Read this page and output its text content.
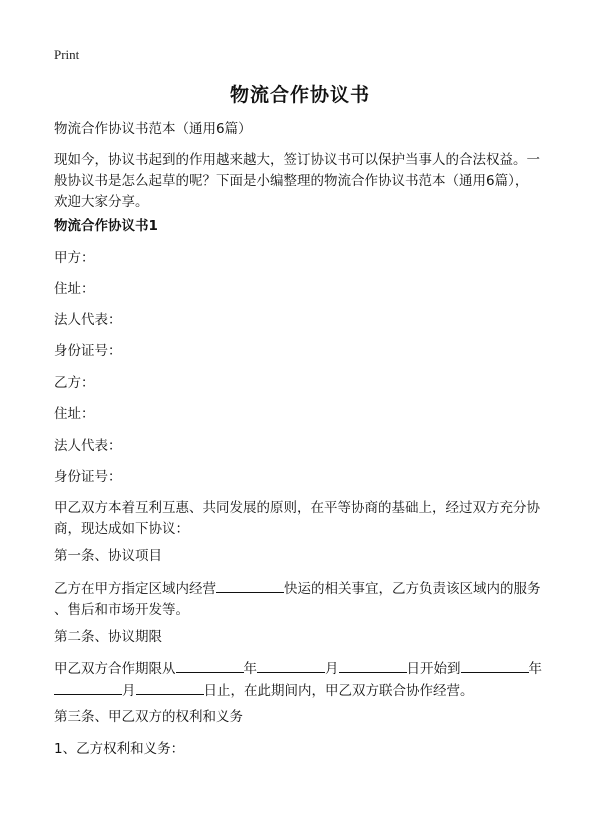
Print
物流合作协议书
物流合作协议书范本（通用6篇）
现如今，协议书起到的作用越来越大，签订协议书可以保护当事人的合法权益。一
般协议书是怎么起草的呢？下面是小编整理的物流合作协议书范本（通用6篇），
欢迎大家分享。
物流合作协议书1
甲方：
住址：
法人代表：
身份证号：
乙方：
住址：
法人代表：
身份证号：
甲乙双方本着互利互惠、共同发展的原则，在平等协商的基础上，经过双方充分协
商，现达成如下协议：
第一条、协议项目
乙方在甲方指定区域内经营	快运的相关事宜，乙方负责该区域内的服务
、售后和市场开发等。
第二条、协议期限
甲乙双方合作期限从	年	月	日开始到	年
月	日止，在此期间内，甲乙双方联合协作经营。
第三条、甲乙双方的权利和义务
1、乙方权利和义务：
